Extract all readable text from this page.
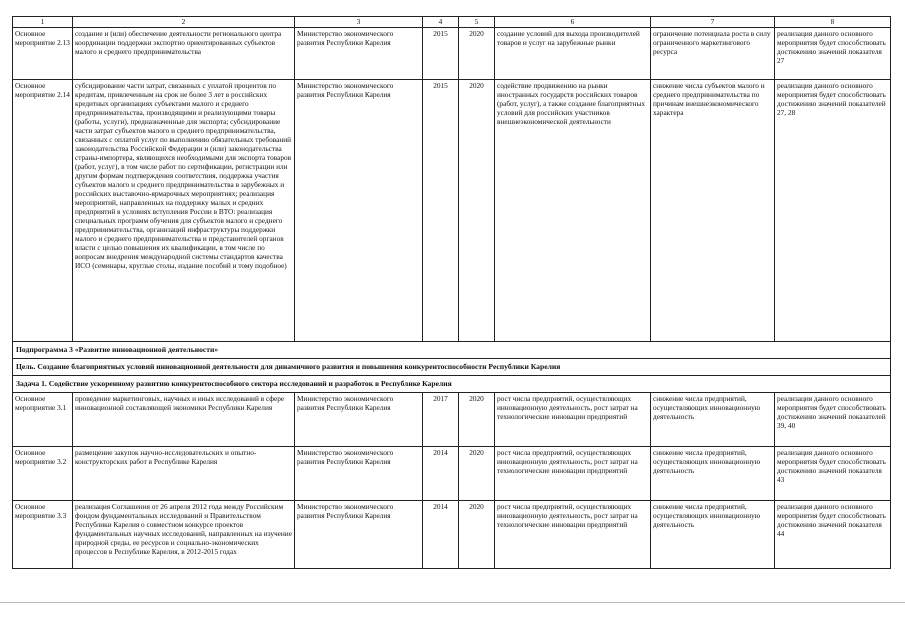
1	2	3	4	5	6	7	8
Основное мероприятие 2.13	создание и (или) обеспечение деятельности регионального центра координации поддержки экспортно ориентированных субъектов малого и среднего предпринимательства	Министерство экономического развития Республики Карелия	2015	2020	создание условий для выхода производителей товаров и услуг на зарубежные рынки	ограничение потенциала роста в силу ограниченного маркетингового ресурса	реализация данного основного мероприятия будет способствовать достижению значений показателя 27
Основное мероприятие 2.14	субсидирование части затрат, связанных с уплатой процентов по кредитам, привлеченным на срок не более 3 лет в российских кредитных организациях субъектами малого и среднего предпринимательства, производящими и реализующими товары (работы, услуги), предназначенные для экспорта; субсидирование части затрат субъектов малого и среднего предпринимательства, связанных с оплатой услуг по выполнению обязательных требований законодательства Российской Федерации и (или) законодательства страны-импортера, являющихся необходимыми для экспорта товаров (работ, услуг), в том числе работ по сертификации, регистрации или другим формам подтверждения соответствия, поддержка участия субъектов малого и среднего предпринимательства в зарубежных и российских выставочно-ярмарочных мероприятиях; реализация мероприятий, направленных на поддержку малых и средних предприятий в условиях вступления России в ВТО: реализация специальных программ обучения для субъектов малого и среднего предпринимательства, организаций инфраструктуры поддержки малого и среднего предпринимательства и представителей органов власти с целью повышения их квалификации, в том числе по вопросам внедрения международной системы стандартов качества ИСО (семинары, круглые столы, издание пособий и тому подобное)	Министерство экономического развития Республики Карелия	2015	2020	содействие продвижению на рынки иностранных государств российских товаров (работ, услуг), а также создание благоприятных условий для российских участников внешнеэкономической деятельности	снижение числа субъектов малого и среднего предпринимательства по причинам внешнеэкономического характера	реализация данного основного мероприятия будет способствовать достижению значений показателей 27, 28
Подпрограмма 3 «Развитие инновационной деятельности»							
Цель. Создание благоприятных условий инновационной деятельности для динамичного развития и повышения конкурентоспособности Республики Карелия							
Задача 1. Содействие ускоренному развитию конкурентоспособного сектора исследований и разработок в Республике Карелия							
Основное мероприятие 3.1	проведение маркетинговых, научных и иных исследований в сфере инновационной составляющей экономики Республики Карелия	Министерство экономического развития Республики Карелия	2017	2020	рост числа предприятий, осуществляющих инновационную деятельность, рост затрат на технологические инновации предприятий	снижение числа предприятий, осуществляющих инновационную деятельность	реализация данного основного мероприятия будет способствовать достижению значений показателей 39, 40
Основное мероприятие 3.2	размещение закупок научно-исследовательских и опытно-конструкторских работ в Республике Карелия	Министерство экономического развития Республики Карелия	2014	2020	рост числа предприятий, осуществляющих инновационную деятельность, рост затрат на технологические инновации предприятий	снижение числа предприятий, осуществляющих инновационную деятельность	реализация данного основного мероприятия будет способствовать достижению значений показателя 43
Основное мероприятие 3.3	реализация Соглашения от 26 апреля 2012 года между Российским фондом фундаментальных исследований и Правительством Республики Карелия о совместном конкурсе проектов фундаментальных научных исследований, направленных на изучение природной среды, ее ресурсов и социально-экономических процессов в Республике Карелия, в 2012-2015 годах	Министерство экономического развития Республики Карелия	2014	2020	рост числа предприятий, осуществляющих инновационную деятельность, рост затрат на технологические инновации предприятий	снижение числа предприятий, осуществляющих инновационную деятельность	реализация данного основного мероприятия будет способствовать достижению значений показателя 44
